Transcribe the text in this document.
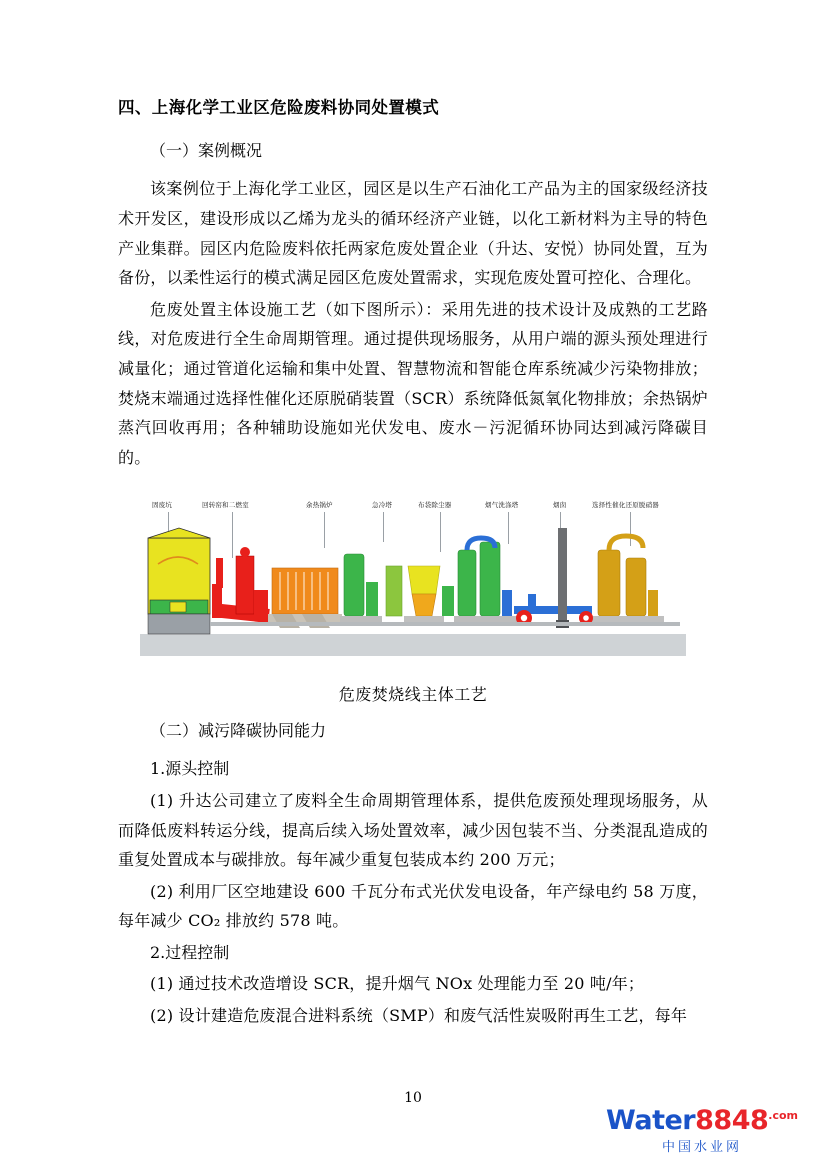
四、上海化学工业区危险废料协同处置模式
（一）案例概况

该案例位于上海化学工业区，园区是以生产石油化工产品为主的国家级经济技术开发区，建设形成以乙烯为龙头的循环经济产业链，以化工新材料为主导的特色产业集群。园区内危险废料依托两家危废处置企业（升达、安悦）协同处置，互为备份，以柔性运行的模式满足园区危废处置需求，实现危废处置可控化、合理化。

危废处置主体设施工艺（如下图所示）：采用先进的技术设计及成熟的工艺路线，对危废进行全生命周期管理。通过提供现场服务，从用户端的源头预处理进行减量化；通过管道化运输和集中处置、智慧物流和智能仓库系统减少污染物排放；焚烧末端通过选择性催化还原脱硝装置（SCR）系统降低氮氧化物排放；余热锅炉蒸汽回收再用；各种辅助设施如光伏发电、废水－污泥循环协同达到减污降碳目的。

固废坑	回转窑和二燃室	余热锅炉	急冷塔	布袋除尘器	烟气洗涤塔	烟囱	选择性催化还原脱硝器
危废焚烧线主体工艺
（二）减污降碳协同能力
1.源头控制

(1) 升达公司建立了废料全生命周期管理体系，提供危废预处理现场服务，从而降低废料转运分线，提高后续入场处置效率，减少因包装不当、分类混乱造成的重复处置成本与碳排放。每年减少重复包装成本约 200 万元；

(2) 利用厂区空地建设 600 千瓦分布式光伏发电设备，年产绿电约 58 万度，每年减少 CO₂ 排放约 578 吨。

2.过程控制

(1) 通过技术改造增设 SCR，提升烟气 NOx 处理能力至 20 吨/年；

(2) 设计建造危废混合进料系统（SMP）和废气活性炭吸附再生工艺，每年

10
$Water8848^{.com}$
中国水业网
